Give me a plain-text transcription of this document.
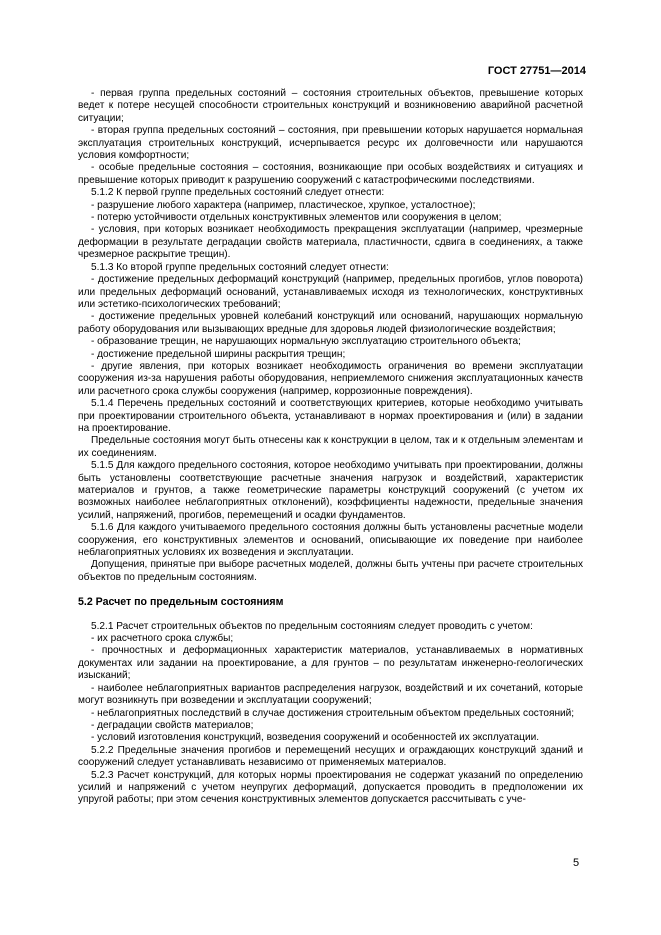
ГОСТ 27751—2014

- первая группа предельных состояний – состояния строительных объектов, превышение которых ведет к потере несущей способности строительных конструкций и возникновению аварийной расчетной ситуации;

- вторая группа предельных состояний – состояния, при превышении которых нарушается нормальная эксплуатация строительных конструкций, исчерпывается ресурс их долговечности или нарушаются условия комфортности;

- особые предельные состояния – состояния, возникающие при особых воздействиях и ситуациях и превышение которых приводит к разрушению сооружений с катастрофическими последствиями.

5.1.2 К первой группе предельных состояний следует отнести:

- разрушение любого характера (например, пластическое, хрупкое, усталостное);

- потерю устойчивости отдельных конструктивных элементов или сооружения в целом;

- условия, при которых возникает необходимость прекращения эксплуатации (например, чрезмерные деформации в результате деградации свойств материала, пластичности, сдвига в соединениях, а также чрезмерное раскрытие трещин).

5.1.3 Ко второй группе предельных состояний следует отнести:

- достижение предельных деформаций конструкций (например, предельных прогибов, углов поворота) или предельных деформаций оснований, устанавливаемых исходя из технологических, конструктивных или эстетико-психологических требований;

- достижение предельных уровней колебаний конструкций или оснований, нарушающих нормальную работу оборудования или вызывающих вредные для здоровья людей физиологические воздействия;

- образование трещин, не нарушающих нормальную эксплуатацию строительного объекта;

- достижение предельной ширины раскрытия трещин;

- другие явления, при которых возникает необходимость ограничения во времени эксплуатации сооружения из-за нарушения работы оборудования, неприемлемого снижения эксплуатационных качеств или расчетного срока службы сооружения (например, коррозионные повреждения).

5.1.4 Перечень предельных состояний и соответствующих критериев, которые необходимо учитывать при проектировании строительного объекта, устанавливают в нормах проектирования и (или) в задании на проектирование.

Предельные состояния могут быть отнесены как к конструкции в целом, так и к отдельным элементам и их соединениям.

5.1.5 Для каждого предельного состояния, которое необходимо учитывать при проектировании, должны быть установлены соответствующие расчетные значения нагрузок и воздействий, характеристик материалов и грунтов, а также геометрические параметры конструкций сооружений (с учетом их возможных наиболее неблагоприятных отклонений), коэффициенты надежности, предельные значения усилий, напряжений, прогибов, перемещений и осадки фундаментов.

5.1.6 Для каждого учитываемого предельного состояния должны быть установлены расчетные модели сооружения, его конструктивных элементов и оснований, описывающие их поведение при наиболее неблагоприятных условиях их возведения и эксплуатации.

Допущения, принятые при выборе расчетных моделей, должны быть учтены при расчете строительных объектов по предельным состояниям.

5.2 Расчет по предельным состояниям

5.2.1 Расчет строительных объектов по предельным состояниям следует проводить с учетом:

- их расчетного срока службы;

- прочностных и деформационных характеристик материалов, устанавливаемых в нормативных документах или задании на проектирование, а для грунтов – по результатам инженерно-геологических изысканий;

- наиболее неблагоприятных вариантов распределения нагрузок, воздействий и их сочетаний, которые могут возникнуть при возведении и эксплуатации сооружений;

- неблагоприятных последствий в случае достижения строительным объектом предельных состояний;

- деградации свойств материалов;

- условий изготовления конструкций, возведения сооружений и особенностей их эксплуатации.

5.2.2 Предельные значения прогибов и перемещений несущих и ограждающих конструкций зданий и сооружений следует устанавливать независимо от применяемых материалов.

5.2.3 Расчет конструкций, для которых нормы проектирования не содержат указаний по определению усилий и напряжений с учетом неупругих деформаций, допускается проводить в предположении их упругой работы; при этом сечения конструктивных элементов допускается рассчитывать с уче-

5
